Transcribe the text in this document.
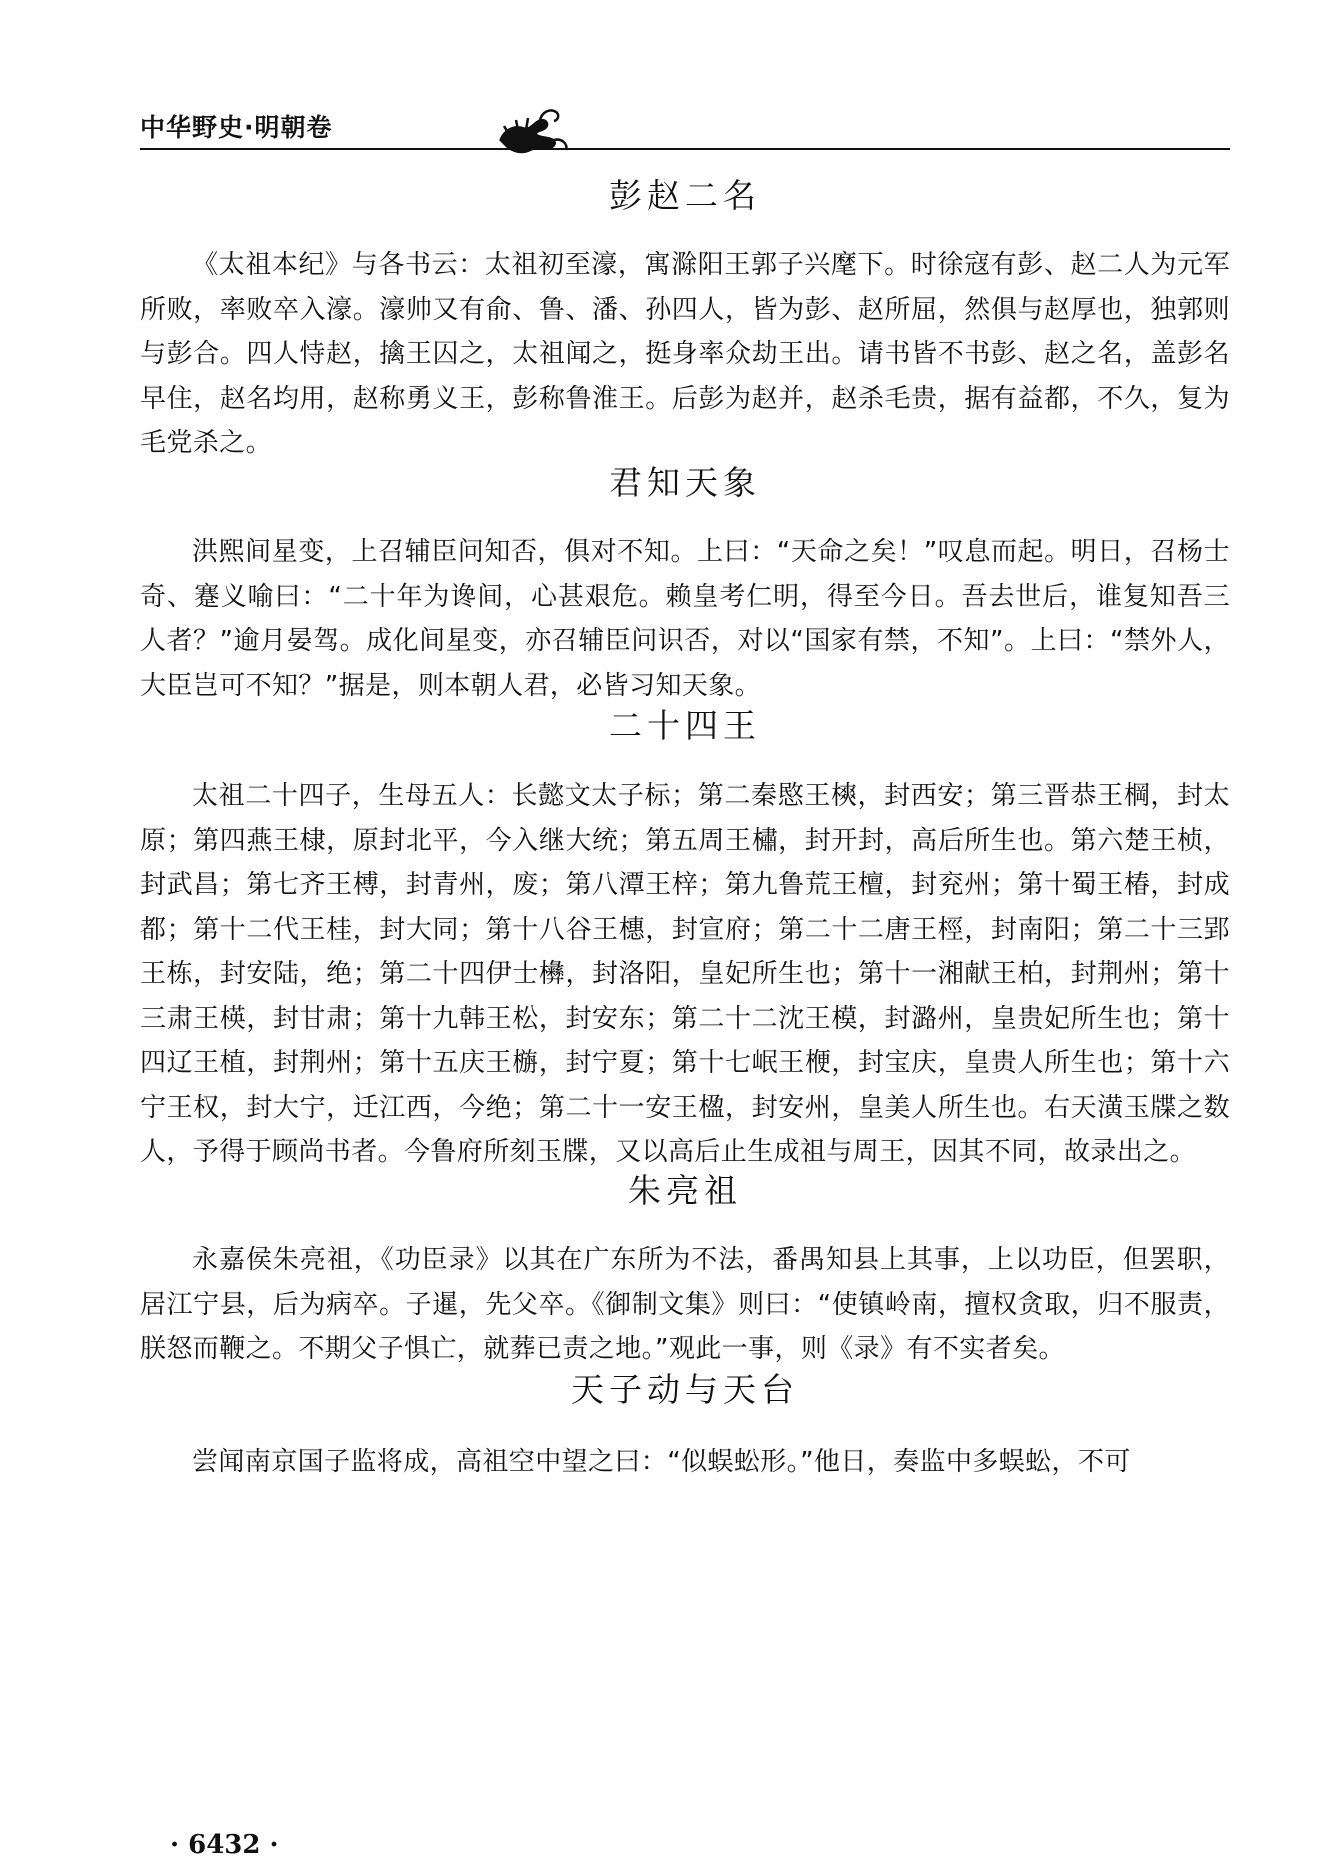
中华野史·明朝卷
彭赵二名

《太祖本纪》与各书云：太祖初至濠，寓滁阳王郭子兴麾下。时徐寇有彭、赵二人为元军所败，率败卒入濠。濠帅又有俞、鲁、潘、孙四人，皆为彭、赵所屈，然俱与赵厚也，独郭则与彭合。四人恃赵，擒王囚之，太祖闻之，挺身率众劫王出。请书皆不书彭、赵之名，盖彭名早住，赵名均用，赵称勇义王，彭称鲁淮王。后彭为赵并，赵杀毛贵，据有益都，不久，复为毛党杀之。

君知天象

洪熙间星变，上召辅臣问知否，俱对不知。上曰：“天命之矣！”叹息而起。明日，召杨士奇、蹇义喻曰：“二十年为谗间，心甚艰危。赖皇考仁明，得至今日。吾去世后，谁复知吾三人者？”逾月晏驾。成化间星变，亦召辅臣问识否，对以“国家有禁，不知”。上曰：“禁外人，大臣岂可不知？”据是，则本朝人君，必皆习知天象。

二十四王

太祖二十四子，生母五人：长懿文太子标；第二秦愍王樉，封西安；第三晋恭王棡，封太原；第四燕王棣，原封北平，今入继大统；第五周王橚，封开封，高后所生也。第六楚王桢，封武昌；第七齐王榑，封青州，废；第八潭王梓；第九鲁荒王檀，封兖州；第十蜀王椿，封成都；第十二代王桂，封大同；第十八谷王橞，封宣府；第二十二唐王桱，封南阳；第二十三郢王栋，封安陆，绝；第二十四伊士㰘，封洛阳，皇妃所生也；第十一湘献王柏，封荆州；第十三肃王楧，封甘肃；第十九韩王松，封安东；第二十二沈王模，封潞州，皇贵妃所生也；第十四辽王植，封荆州；第十五庆王㮵，封宁夏；第十七岷王楩，封宝庆，皇贵人所生也；第十六宁王权，封大宁，迁江西，今绝；第二十一安王楹，封安州，皇美人所生也。右天潢玉牒之数人，予得于顾尚书者。今鲁府所刻玉牒，又以高后止生成祖与周王，因其不同，故录出之。

朱亮祖

永嘉侯朱亮祖，《功臣录》以其在广东所为不法，番禺知县上其事，上以功臣，但罢职，居江宁县，后为病卒。子暹，先父卒。《御制文集》则曰：“使镇岭南，擅权贪取，归不服责，朕怒而鞭之。不期父子惧亡，就葬已责之地。”观此一事，则《录》有不实者矣。

天子动与天台

尝闻南京国子监将成，高祖空中望之曰：“似蜈蚣形。”他日，奏监中多蜈蚣，不可

· 6432 ·
